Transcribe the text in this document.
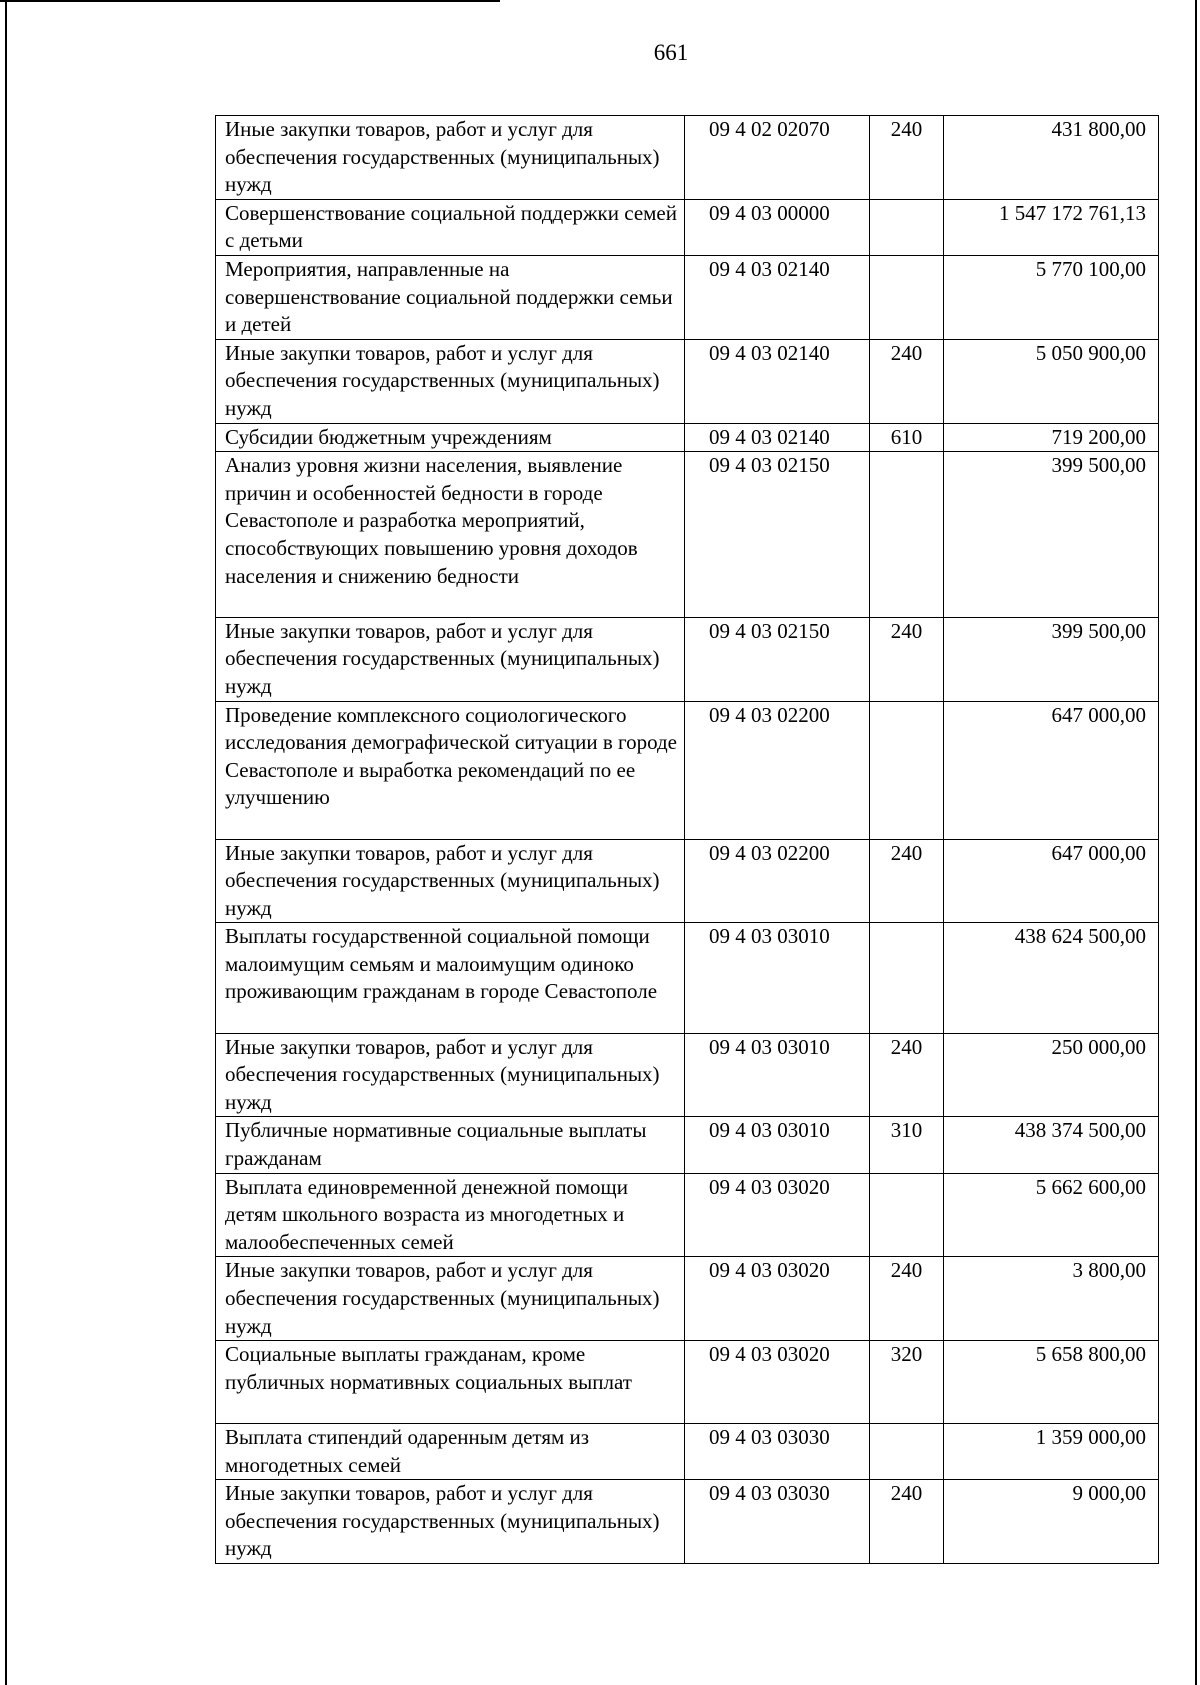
661
Иные закупки товаров, работ и услуг для обеспечения государственных (муниципальных) нужд	09 4 02 02070	240	431 800,00
Совершенствование социальной поддержки семей с детьми	09 4 03 00000		1 547 172 761,13
Мероприятия, направленные на совершенствование социальной поддержки семьи и детей	09 4 03 02140		5 770 100,00
Иные закупки товаров, работ и услуг для обеспечения государственных (муниципальных) нужд	09 4 03 02140	240	5 050 900,00
Субсидии бюджетным учреждениям	09 4 03 02140	610	719 200,00
Анализ уровня жизни населения, выявление причин и особенностей бедности в городе Севастополе и разработка мероприятий, способствующих повышению уровня доходов населения и снижению бедности	09 4 03 02150		399 500,00
Иные закупки товаров, работ и услуг для обеспечения государственных (муниципальных) нужд	09 4 03 02150	240	399 500,00
Проведение комплексного социологического исследования демографической ситуации в городе Севастополе и выработка рекомендаций по ее улучшению	09 4 03 02200		647 000,00
Иные закупки товаров, работ и услуг для обеспечения государственных (муниципальных) нужд	09 4 03 02200	240	647 000,00
Выплаты государственной социальной помощи малоимущим семьям и малоимущим одиноко проживающим гражданам в городе Севастополе	09 4 03 03010		438 624 500,00
Иные закупки товаров, работ и услуг для обеспечения государственных (муниципальных) нужд	09 4 03 03010	240	250 000,00
Публичные нормативные социальные выплаты гражданам	09 4 03 03010	310	438 374 500,00
Выплата единовременной денежной помощи детям школьного возраста из многодетных и малообеспеченных семей	09 4 03 03020		5 662 600,00
Иные закупки товаров, работ и услуг для обеспечения государственных (муниципальных) нужд	09 4 03 03020	240	3 800,00
Социальные выплаты гражданам, кроме публичных нормативных социальных выплат	09 4 03 03020	320	5 658 800,00
Выплата стипендий одаренным детям из многодетных семей	09 4 03 03030		1 359 000,00
Иные закупки товаров, работ и услуг для обеспечения государственных (муниципальных) нужд	09 4 03 03030	240	9 000,00
